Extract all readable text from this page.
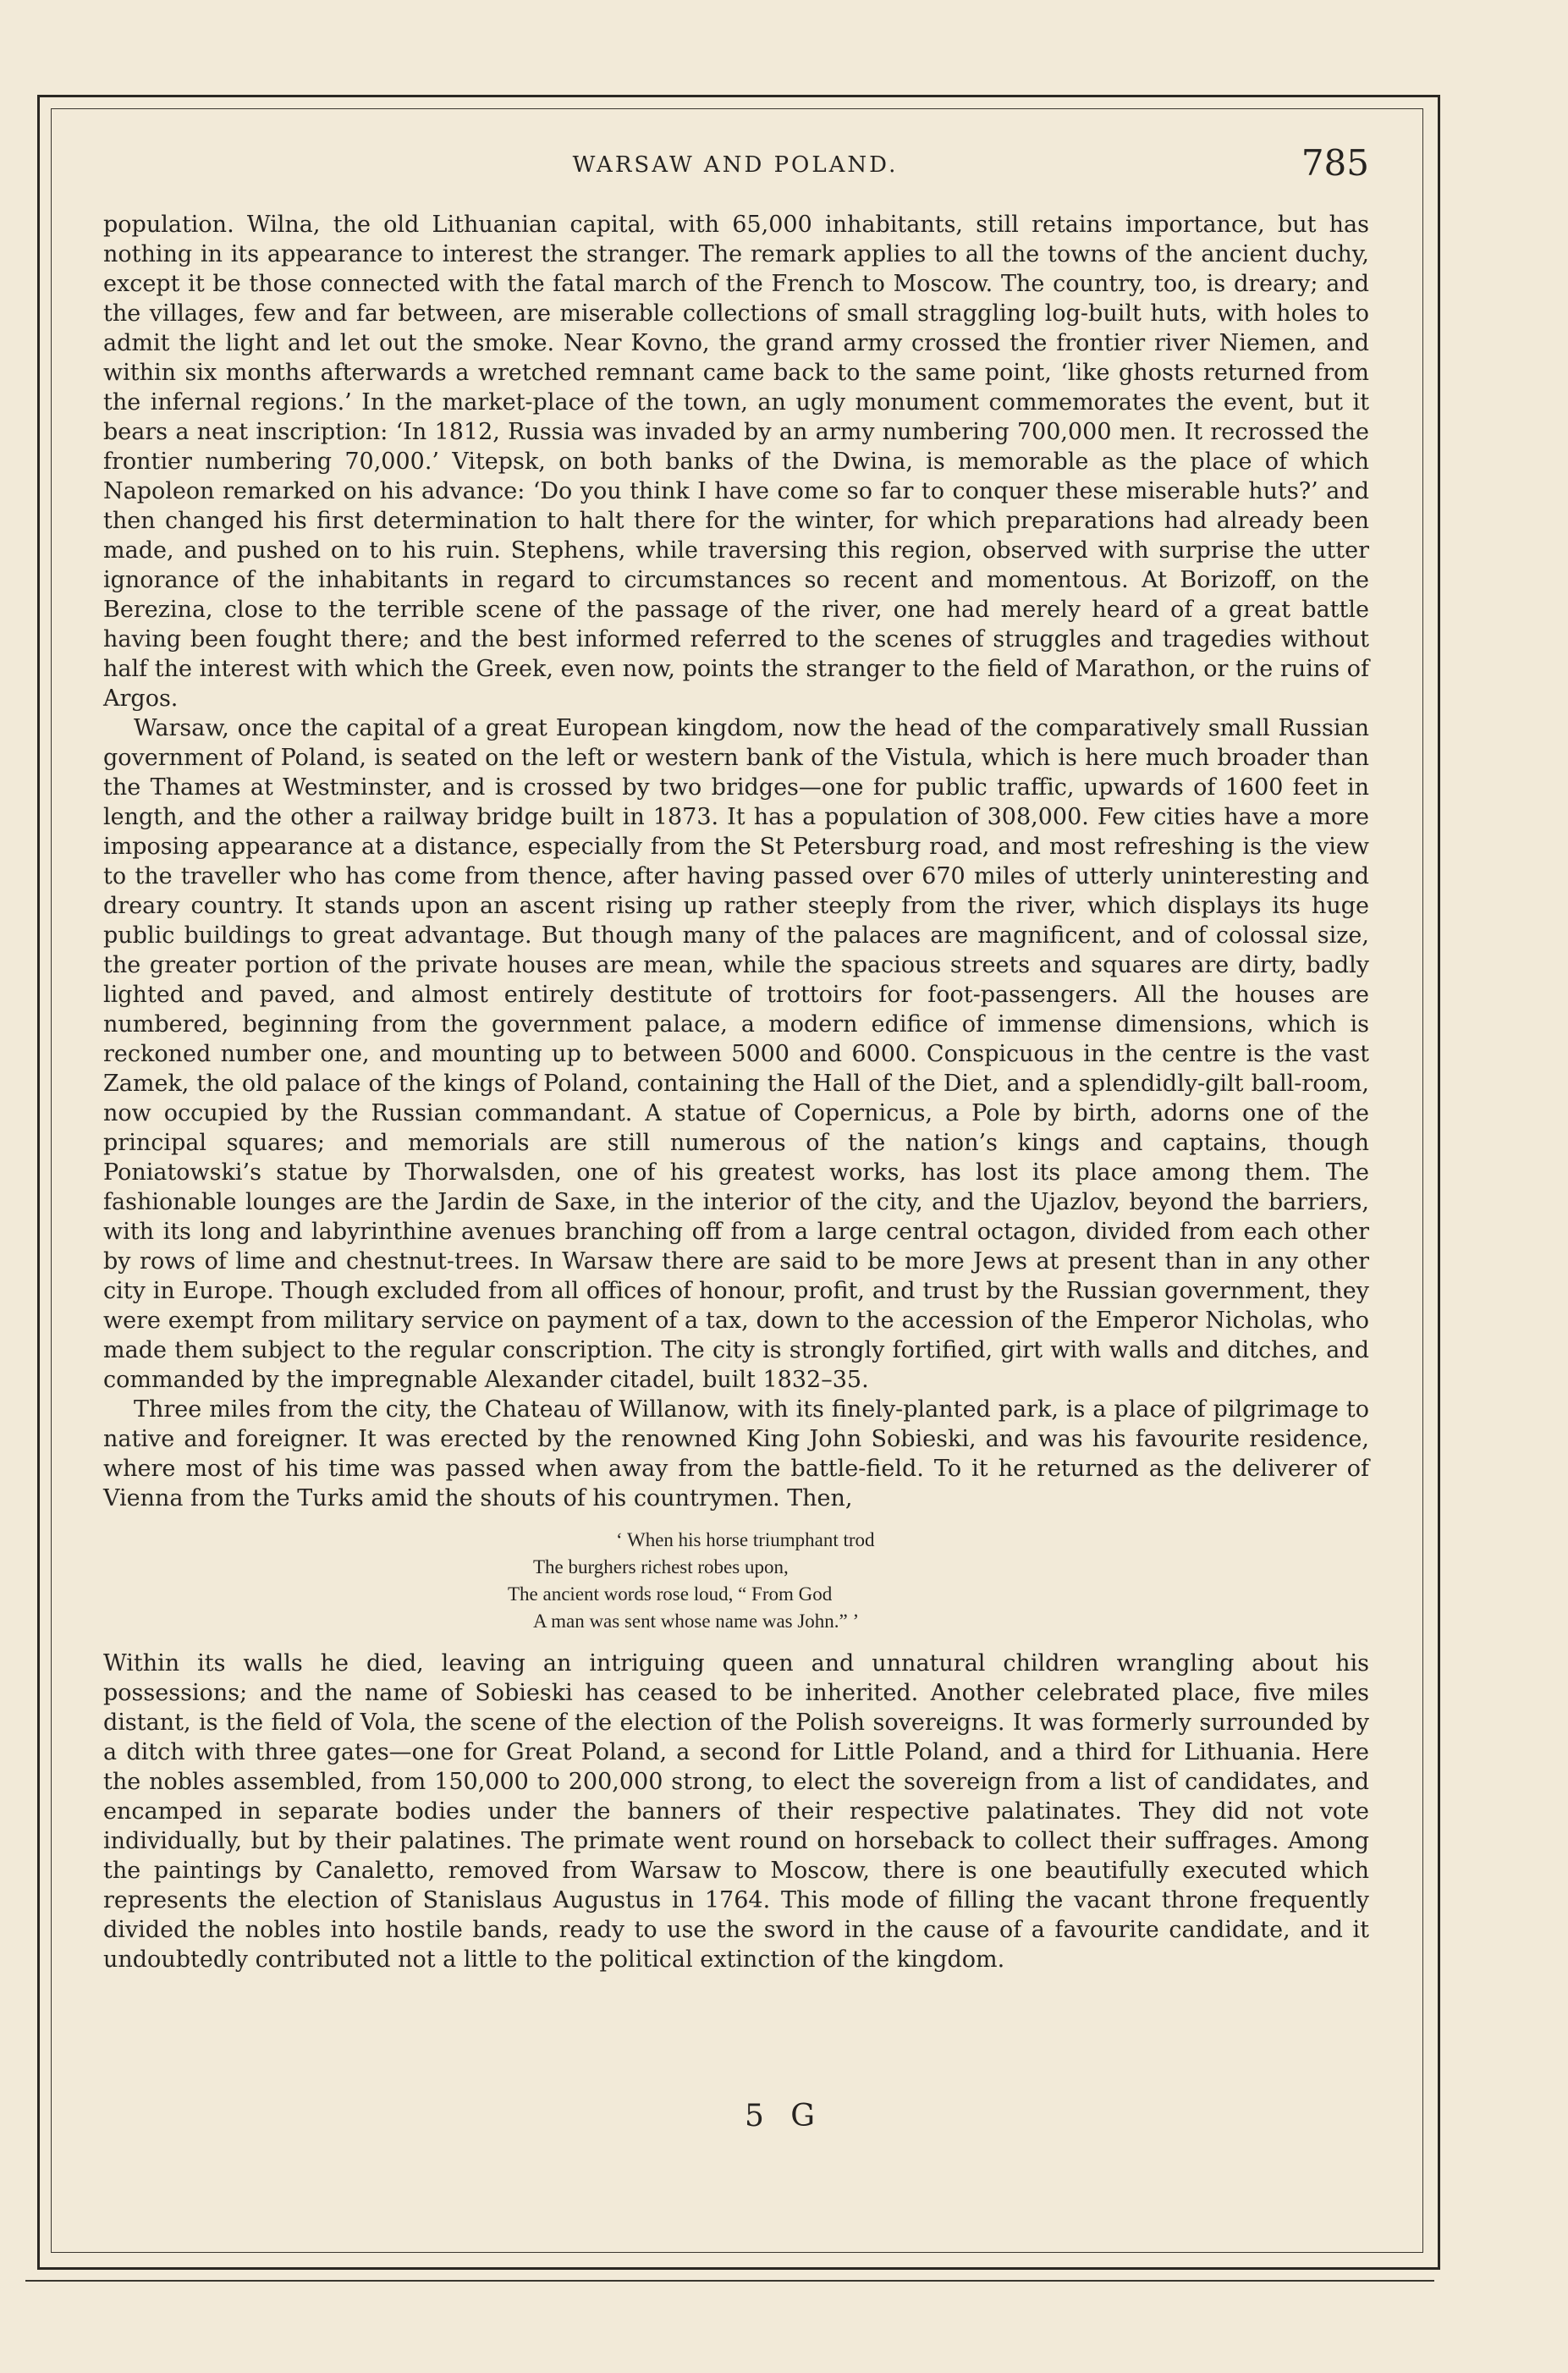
WARSAW AND POLAND.	785

population. Wilna, the old Lithuanian capital, with 65,000 inhabitants, still retains importance, but has nothing in its appearance to interest the stranger. The remark applies to all the towns of the ancient duchy, except it be those connected with the fatal march of the French to Moscow. The country, too, is dreary; and the villages, few and far between, are miserable collections of small straggling log-built huts, with holes to admit the light and let out the smoke. Near Kovno, the grand army crossed the frontier river Niemen, and within six months afterwards a wretched remnant came back to the same point, ‘like ghosts returned from the infernal regions.’ In the market-place of the town, an ugly monument commemorates the event, but it bears a neat inscription: ‘In 1812, Russia was invaded by an army numbering 700,000 men. It recrossed the frontier numbering 70,000.’ Vitepsk, on both banks of the Dwina, is memorable as the place of which Napoleon remarked on his advance: ‘Do you think I have come so far to conquer these miserable huts?’ and then changed his first determination to halt there for the winter, for which preparations had already been made, and pushed on to his ruin. Stephens, while traversing this region, observed with surprise the utter ignorance of the inhabitants in regard to circumstances so recent and momentous. At Borizoff, on the Berezina, close to the terrible scene of the passage of the river, one had merely heard of a great battle having been fought there; and the best informed referred to the scenes of struggles and tragedies without half the interest with which the Greek, even now, points the stranger to the field of Marathon, or the ruins of Argos.

Warsaw, once the capital of a great European kingdom, now the head of the comparatively small Russian government of Poland, is seated on the left or western bank of the Vistula, which is here much broader than the Thames at Westminster, and is crossed by two bridges—one for public traffic, upwards of 1600 feet in length, and the other a railway bridge built in 1873. It has a population of 308,000. Few cities have a more imposing appearance at a distance, especially from the St Petersburg road, and most refreshing is the view to the traveller who has come from thence, after having passed over 670 miles of utterly uninteresting and dreary country. It stands upon an ascent rising up rather steeply from the river, which displays its huge public buildings to great advantage. But though many of the palaces are magnificent, and of colossal size, the greater portion of the private houses are mean, while the spacious streets and squares are dirty, badly lighted and paved, and almost entirely destitute of trottoirs for foot-passengers. All the houses are numbered, beginning from the government palace, a modern edifice of immense dimensions, which is reckoned number one, and mounting up to between 5000 and 6000. Conspicuous in the centre is the vast Zamek, the old palace of the kings of Poland, containing the Hall of the Diet, and a splendidly-gilt ball-room, now occupied by the Russian commandant. A statue of Copernicus, a Pole by birth, adorns one of the principal squares; and memorials are still numerous of the nation’s kings and captains, though Poniatowski’s statue by Thorwalsden, one of his greatest works, has lost its place among them. The fashionable lounges are the Jardin de Saxe, in the interior of the city, and the Ujazlov, beyond the barriers, with its long and labyrinthine avenues branching off from a large central octagon, divided from each other by rows of lime and chestnut-trees. In Warsaw there are said to be more Jews at present than in any other city in Europe. Though excluded from all offices of honour, profit, and trust by the Russian government, they were exempt from military service on payment of a tax, down to the accession of the Emperor Nicholas, who made them subject to the regular conscription. The city is strongly fortified, girt with walls and ditches, and commanded by the impregnable Alexander citadel, built 1832–35.

Three miles from the city, the Chateau of Willanow, with its finely-planted park, is a place of pilgrimage to native and foreigner. It was erected by the renowned King John Sobieski, and was his favourite residence, where most of his time was passed when away from the battle-field. To it he returned as the deliverer of Vienna from the Turks amid the shouts of his countrymen. Then,

‘ When his horse triumphant trod
The burghers richest robes upon,
The ancient words rose loud, “ From God
A man was sent whose name was John.” ’

Within its walls he died, leaving an intriguing queen and unnatural children wrangling about his possessions; and the name of Sobieski has ceased to be inherited. Another celebrated place, five miles distant, is the field of Vola, the scene of the election of the Polish sovereigns. It was formerly surrounded by a ditch with three gates—one for Great Poland, a second for Little Poland, and a third for Lithuania. Here the nobles assembled, from 150,000 to 200,000 strong, to elect the sovereign from a list of candidates, and encamped in separate bodies under the banners of their respective palatinates. They did not vote individually, but by their palatines. The primate went round on horseback to collect their suffrages. Among the paintings by Canaletto, removed from Warsaw to Moscow, there is one beautifully executed which represents the election of Stanislaus Augustus in 1764. This mode of filling the vacant throne frequently divided the nobles into hostile bands, ready to use the sword in the cause of a favourite candidate, and it undoubtedly contributed not a little to the political extinction of the kingdom.

5 G
